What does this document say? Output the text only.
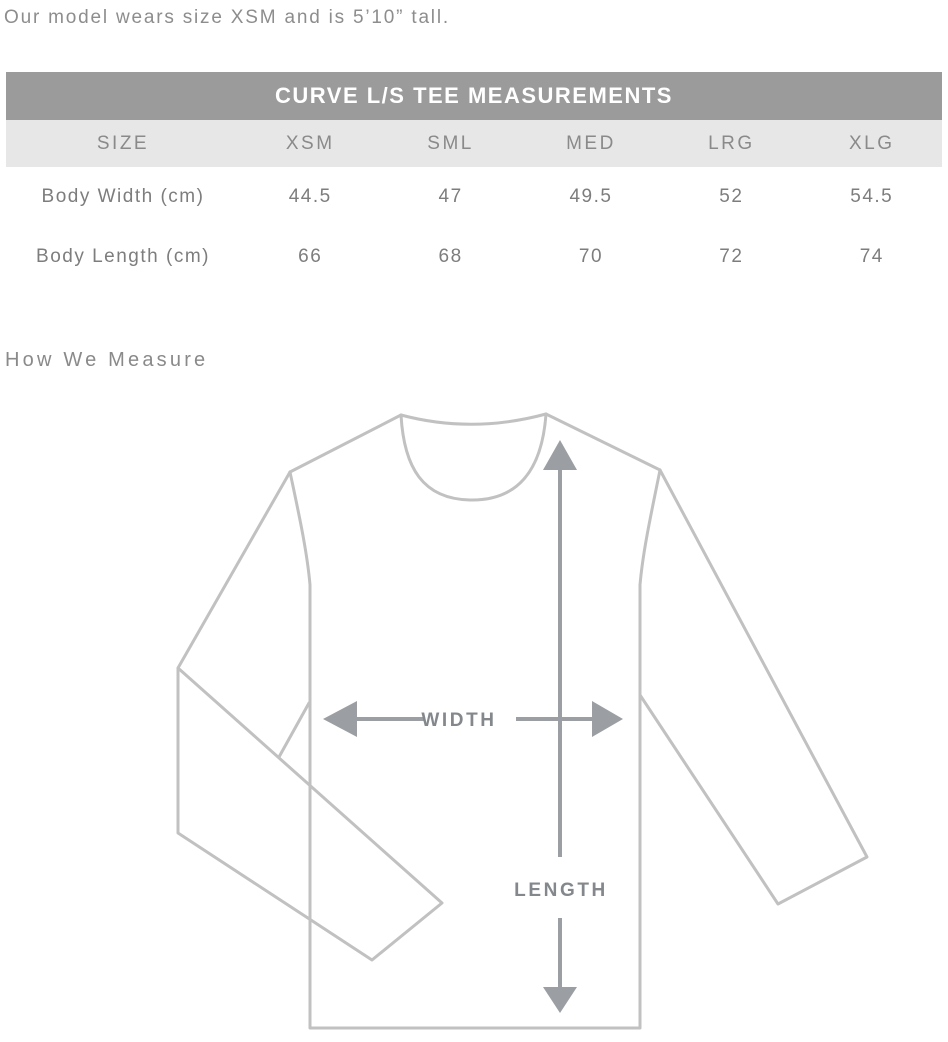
Our model wears size XSM and is 5’10” tall.
CURVE L/S TEE MEASUREMENTS
SIZE	XSM	SML	MED	LRG	XLG
Body Width (cm)	44.5	47	49.5	52	54.5
Body Length (cm)	66	68	70	72	74
How We Measure
WIDTH
LENGTH
